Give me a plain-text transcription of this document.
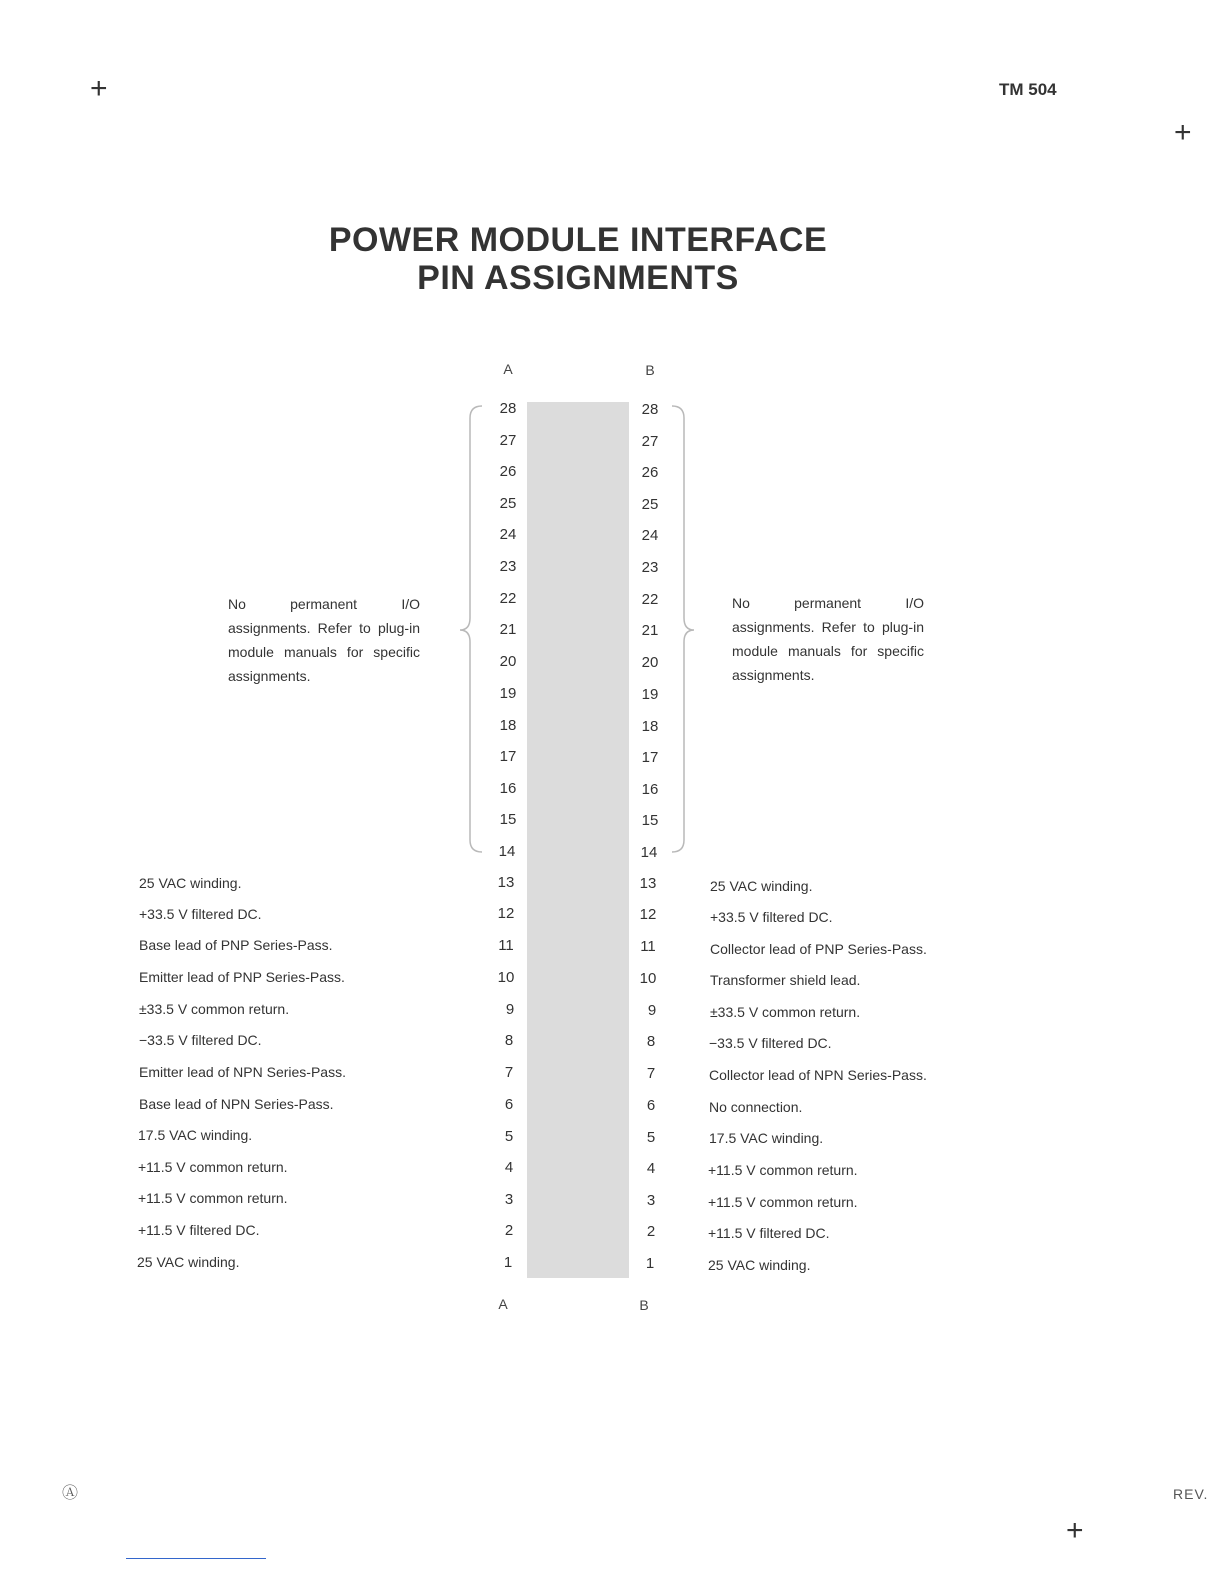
+
+
+
TM 504
POWER MODULE INTERFACE
PIN ASSIGNMENTS
A	B
A	B
No permanent I/O assignments. Refer to plug-in module manuals for specific assignments.
No permanent I/O assignments. Refer to plug-in module manuals for specific assignments.
28	28
27	27
26	26
25	25
24	24
23	23
22	22
21	21
20	20
19	19
18	18
17	17
16	16
15	15
14	14
25 VAC winding.	13	13	25 VAC winding.
+33.5 V filtered DC.	12	12	+33.5 V filtered DC.
Base lead of PNP Series-Pass.	11	11	Collector lead of PNP Series-Pass.
Emitter lead of PNP Series-Pass.	10	10	Transformer shield lead.
±33.5 V common return.	9	9	±33.5 V common return.
−33.5 V filtered DC.	8	8	−33.5 V filtered DC.
Emitter lead of NPN Series-Pass.	7	7	Collector lead of NPN Series-Pass.
Base lead of NPN Series-Pass.	6	6	No connection.
17.5 VAC winding.	5	5	17.5 VAC winding.
+11.5 V common return.	4	4	+11.5 V common return.
+11.5 V common return.	3	3	+11.5 V common return.
+11.5 V filtered DC.	2	2	+11.5 V filtered DC.
25 VAC winding.	1	1	25 VAC winding.
Ⓐ	REV.
